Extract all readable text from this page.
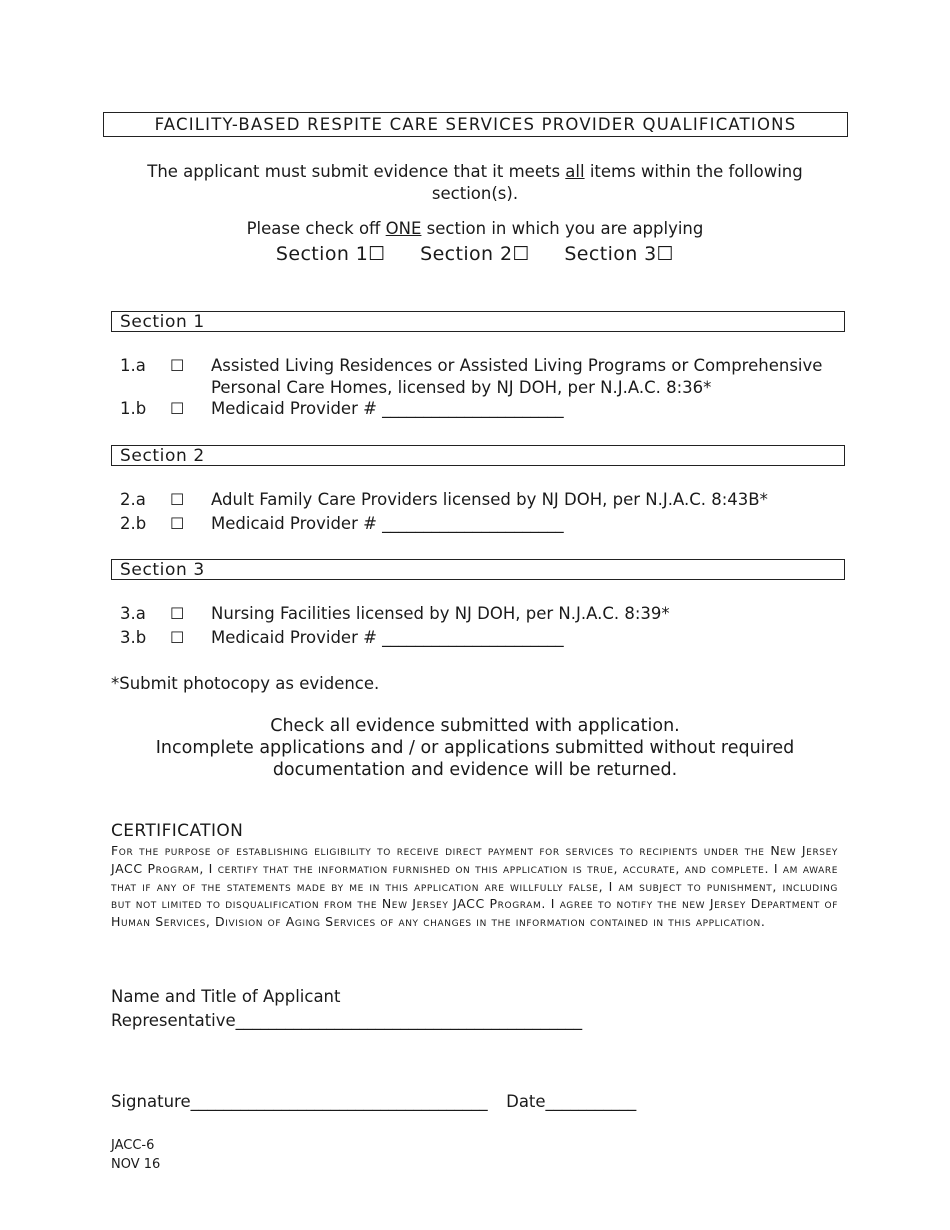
FACILITY-BASED RESPITE CARE SERVICES PROVIDER QUALIFICATIONS
The applicant must submit evidence that it meets all items within the following section(s).
Please check off ONE section in which you are applying
Section 1☐ Section 2☐ Section 3☐
Section 1
1.a	☐	Assisted Living Residences or Assisted Living Programs or Comprehensive Personal Care Homes, licensed by NJ DOH, per N.J.A.C. 8:36*
1.b	☐	Medicaid Provider # ______________________
Section 2
2.a	☐	Adult Family Care Providers licensed by NJ DOH, per N.J.A.C. 8:43B*
2.b	☐	Medicaid Provider # ______________________
Section 3
3.a	☐	Nursing Facilities licensed by NJ DOH, per N.J.A.C. 8:39*
3.b	☐	Medicaid Provider # ______________________
*Submit photocopy as evidence.
Check all evidence submitted with application.
Incomplete applications and / or applications submitted without required documentation and evidence will be returned.
CERTIFICATION
For the purpose of establishing eligibility to receive direct payment for services to recipients under the New Jersey JACC Program, I certify that the information furnished on this application is true, accurate, and complete. I am aware that if any of the statements made by me in this application are willfully false, I am subject to punishment, including but not limited to disqualification from the New Jersey JACC Program. I agree to notify the new Jersey Department of Human Services, Division of Aging Services of any changes in the information contained in this application.
Name and Title of Applicant
Representative__________________________________________
Signature____________________________________ Date___________
JACC-6
NOV 16
